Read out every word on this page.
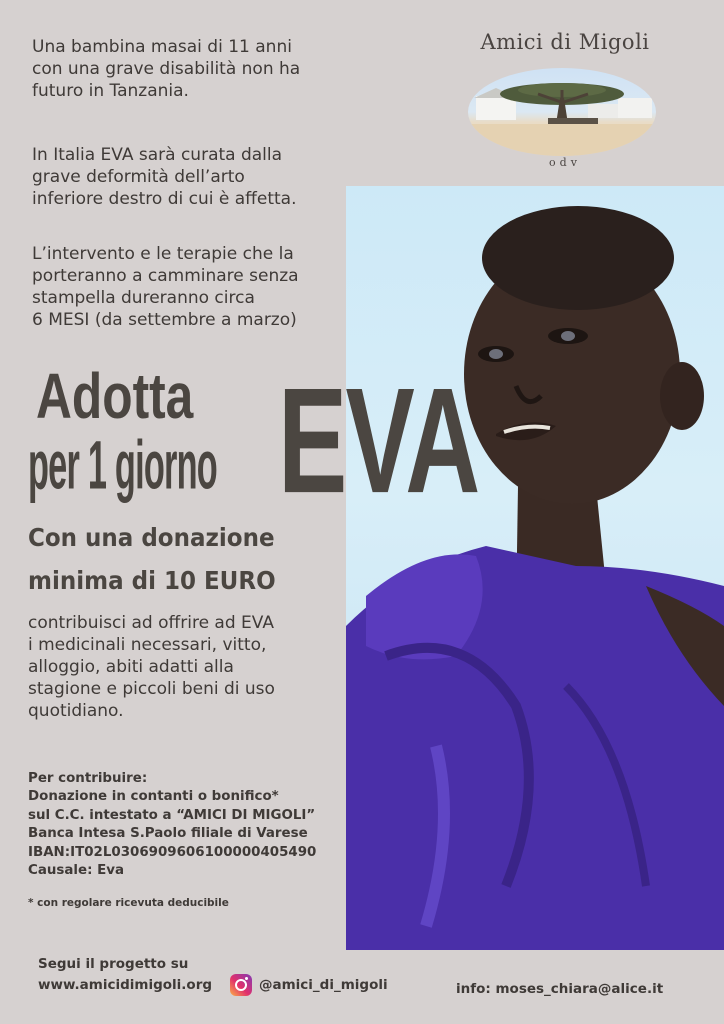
Una bambina masai di 11 anni
con una grave disabilità non ha
futuro in Tanzania.

In Italia EVA sarà curata dalla
grave deformità dell’arto
inferiore destro di cui è affetta.

L’intervento e le terapie che la
porteranno a camminare senza
stampella dureranno circa
6 MESI (da settembre a marzo)

Amici di Migoli
odv
Adotta
per 1 giorno EVA
Con una donazione
minima di 10 EURO

contribuisci ad offrire ad EVA
i medicinali necessari, vitto,
alloggio, abiti adatti alla
stagione e piccoli beni di uso
quotidiano.

Per contribuire:
Donazione in contanti o bonifico*
sul C.C. intestato a “AMICI DI MIGOLI”
Banca Intesa S.Paolo filiale di Varese
IBAN:IT02L0306909606100000405490
Causale: Eva
* con regolare ricevuta deducibile
Segui il progetto su
www.amicidimigoli.org	@amici_di_migoli	info: moses_chiara@alice.it
